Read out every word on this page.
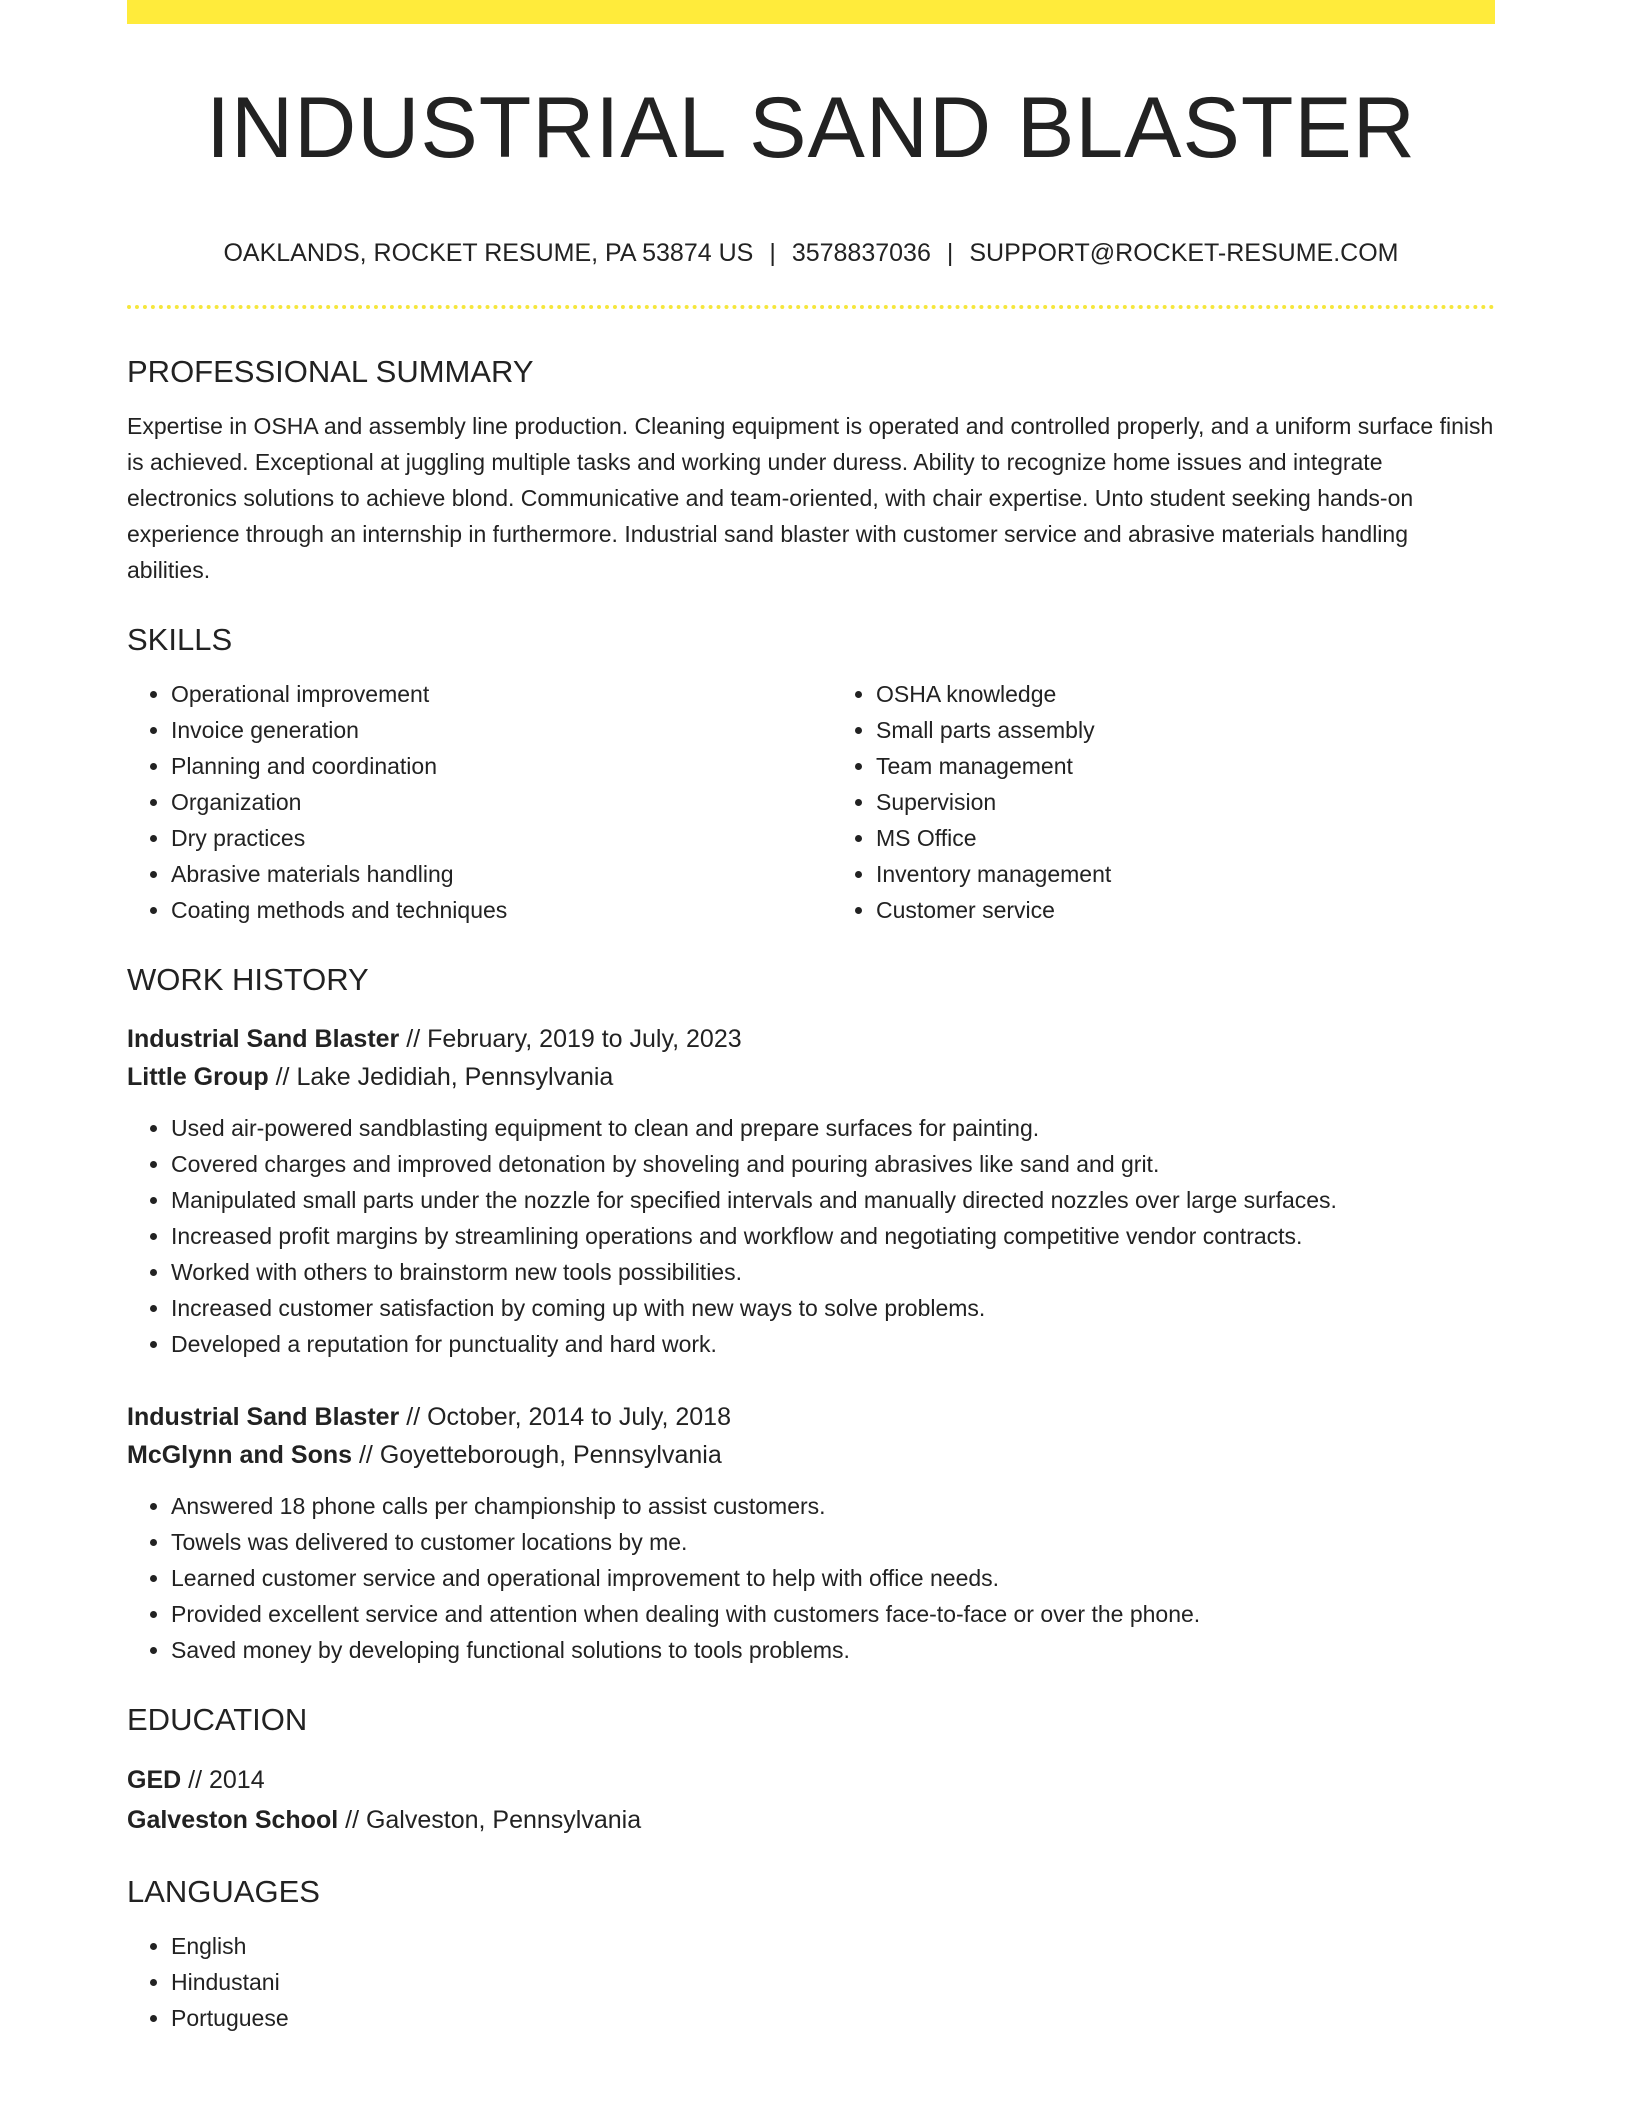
INDUSTRIAL SAND BLASTER
OAKLANDS, ROCKET RESUME, PA 53874 US | 3578837036 | SUPPORT@ROCKET-RESUME.COM
PROFESSIONAL SUMMARY

Expertise in OSHA and assembly line production. Cleaning equipment is operated and controlled properly, and a uniform surface finish is achieved. Exceptional at juggling multiple tasks and working under duress. Ability to recognize home issues and integrate electronics solutions to achieve blond. Communicative and team-oriented, with chair expertise. Unto student seeking hands-on experience through an internship in furthermore. Industrial sand blaster with customer service and abrasive materials handling abilities.

SKILLS
• Operational improvement
• Invoice generation
• Planning and coordination
• Organization
• Dry practices
• Abrasive materials handling
• Coating methods and techniques
• OSHA knowledge
• Small parts assembly
• Team management
• Supervision
• MS Office
• Inventory management
• Customer service
WORK HISTORY
Industrial Sand Blaster // February, 2019 to July, 2023
Little Group // Lake Jedidiah, Pennsylvania
• Used air-powered sandblasting equipment to clean and prepare surfaces for painting.
• Covered charges and improved detonation by shoveling and pouring abrasives like sand and grit.
• Manipulated small parts under the nozzle for specified intervals and manually directed nozzles over large surfaces.
• Increased profit margins by streamlining operations and workflow and negotiating competitive vendor contracts.
• Worked with others to brainstorm new tools possibilities.
• Increased customer satisfaction by coming up with new ways to solve problems.
• Developed a reputation for punctuality and hard work.
Industrial Sand Blaster // October, 2014 to July, 2018
McGlynn and Sons // Goyetteborough, Pennsylvania
• Answered 18 phone calls per championship to assist customers.
• Towels was delivered to customer locations by me.
• Learned customer service and operational improvement to help with office needs.
• Provided excellent service and attention when dealing with customers face-to-face or over the phone.
• Saved money by developing functional solutions to tools problems.
EDUCATION
GED // 2014
Galveston School // Galveston, Pennsylvania
LANGUAGES
• English
• Hindustani
• Portuguese
